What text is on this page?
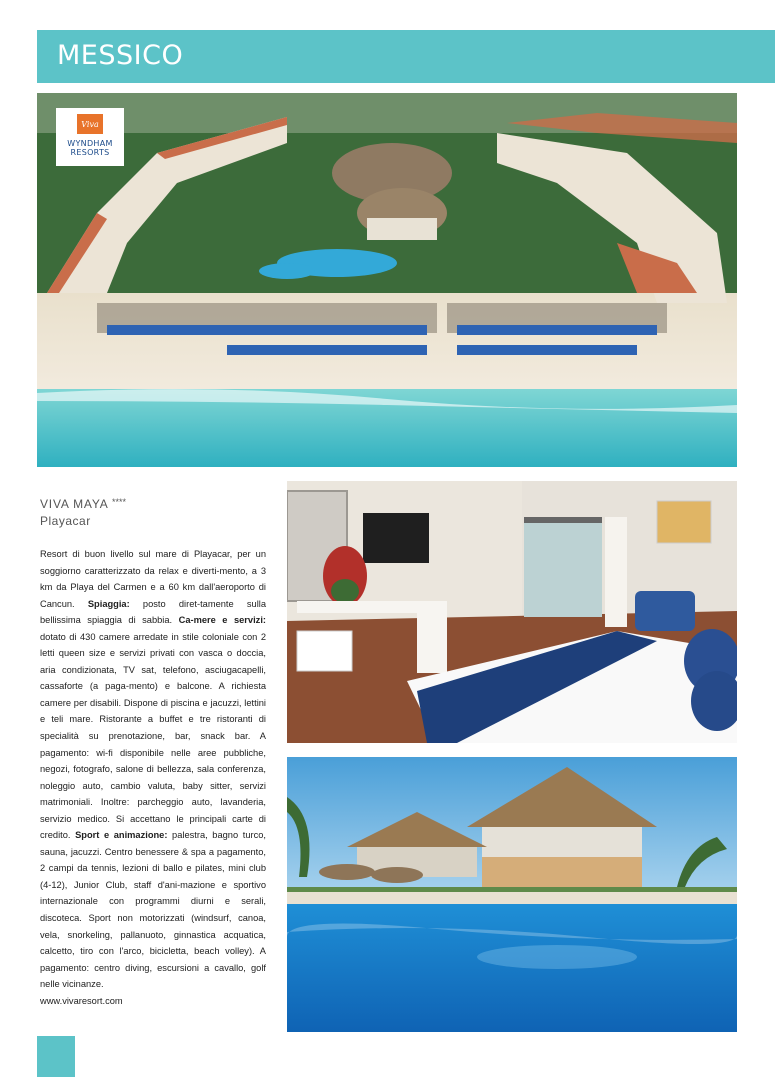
MESSICO
Viva
WYNDHAM
RESORTS
VIVA MAYA ****
Playacar

Resort di buon livello sul mare di Playacar, per un soggiorno caratterizzato da relax e diverti-mento, a 3 km da Playa del Carmen e a 60 km dall'aeroporto di Cancun. Spiaggia: posto diret-tamente sulla bellissima spiaggia di sabbia. Ca-mere e servizi: dotato di 430 camere arredate in stile coloniale con 2 letti queen size e servizi privati con vasca o doccia, aria condizionata, TV sat, telefono, asciugacapelli, cassaforte (a paga-mento) e balcone. A richiesta camere per disabili. Dispone di piscina e jacuzzi, lettini e teli mare. Ristorante a buffet e tre ristoranti di specialità su prenotazione, bar, snack bar. A pagamento: wi-fi disponibile nelle aree pubbliche, negozi, fotografo, salone di bellezza, sala conferenza, noleggio auto, cambio valuta, baby sitter, servizi matrimoniali. Inoltre: parcheggio auto, lavanderia, servizio medico. Si accettano le principali carte di credito. Sport e animazione: palestra, bagno turco, sauna, jacuzzi. Centro benessere & spa a pagamento, 2 campi da tennis, lezioni di ballo e pilates, mini club (4-12), Junior Club, staff d'ani-mazione e sportivo internazionale con programmi diurni e serali, discoteca. Sport non motorizzati (windsurf, canoa, vela, snorkeling, pallanuoto, ginnastica acquatica, calcetto, tiro con l'arco, bicicletta, beach volley). A pagamento: centro diving, escursioni a cavallo, golf nelle vicinanze.
www.vivaresort.com
